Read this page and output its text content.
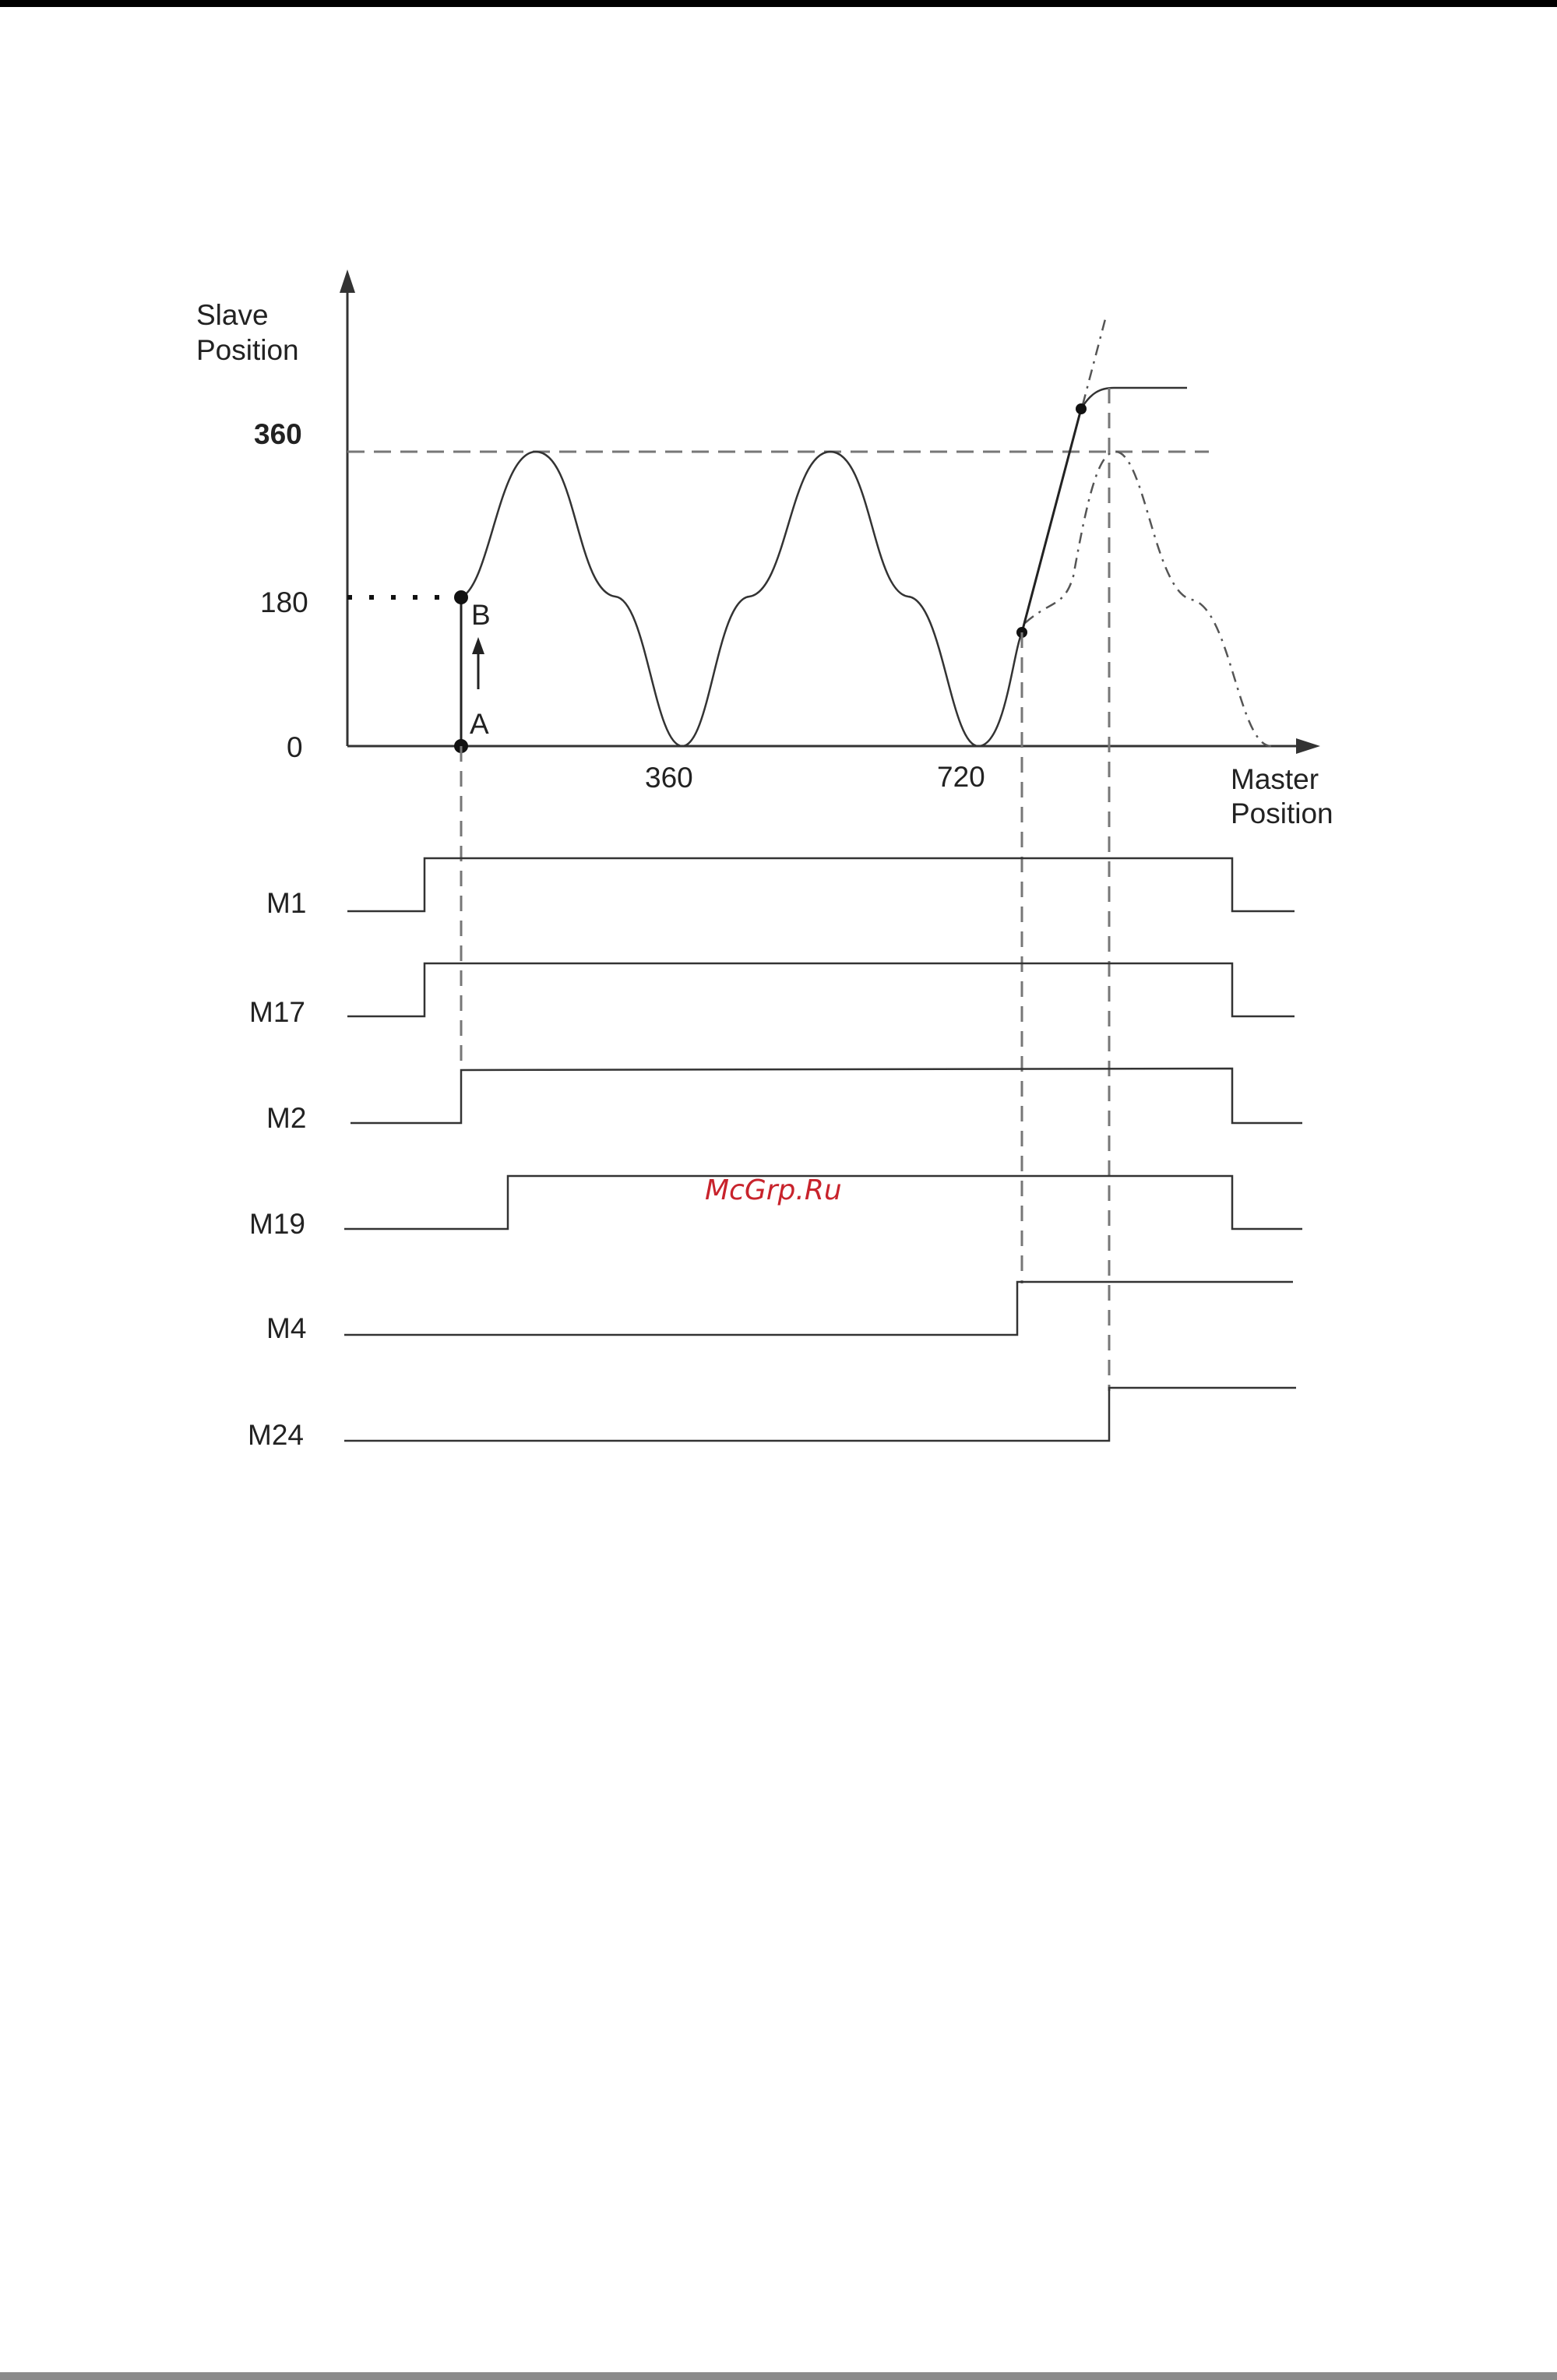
Slave
Position
Master
Position
360
180
0
360	720
A
B
M1
M17
M2
M19
M4
M24
McGrp.Ru
